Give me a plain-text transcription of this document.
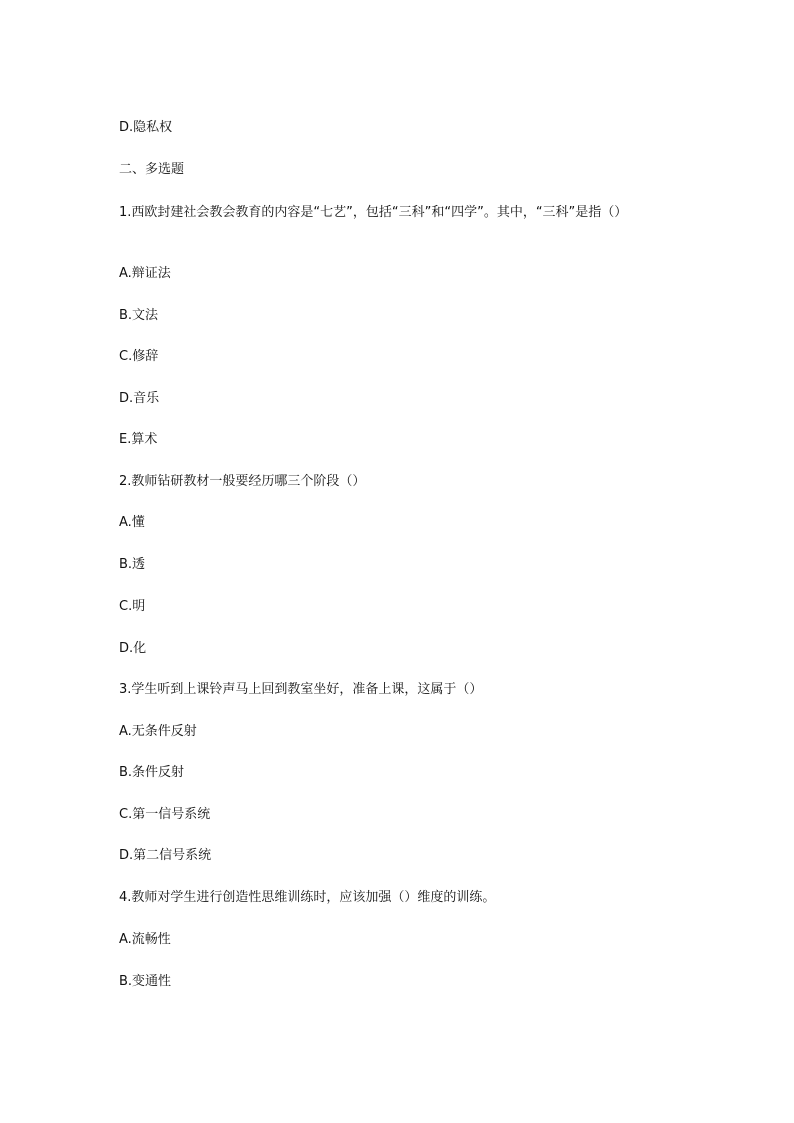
D.隐私权
二、多选题
1.西欧封建社会教会教育的内容是“七艺”，包括“三科”和“四学”。其中，“三科”是指（）
A.辩证法
B.文法
C.修辞
D.音乐
E.算术
2.教师钻研教材一般要经历哪三个阶段（）
A.懂
B.透
C.明
D.化
3.学生听到上课铃声马上回到教室坐好，准备上课，这属于（）
A.无条件反射
B.条件反射
C.第一信号系统
D.第二信号系统
4.教师对学生进行创造性思维训练时，应该加强（）维度的训练。
A.流畅性
B.变通性
